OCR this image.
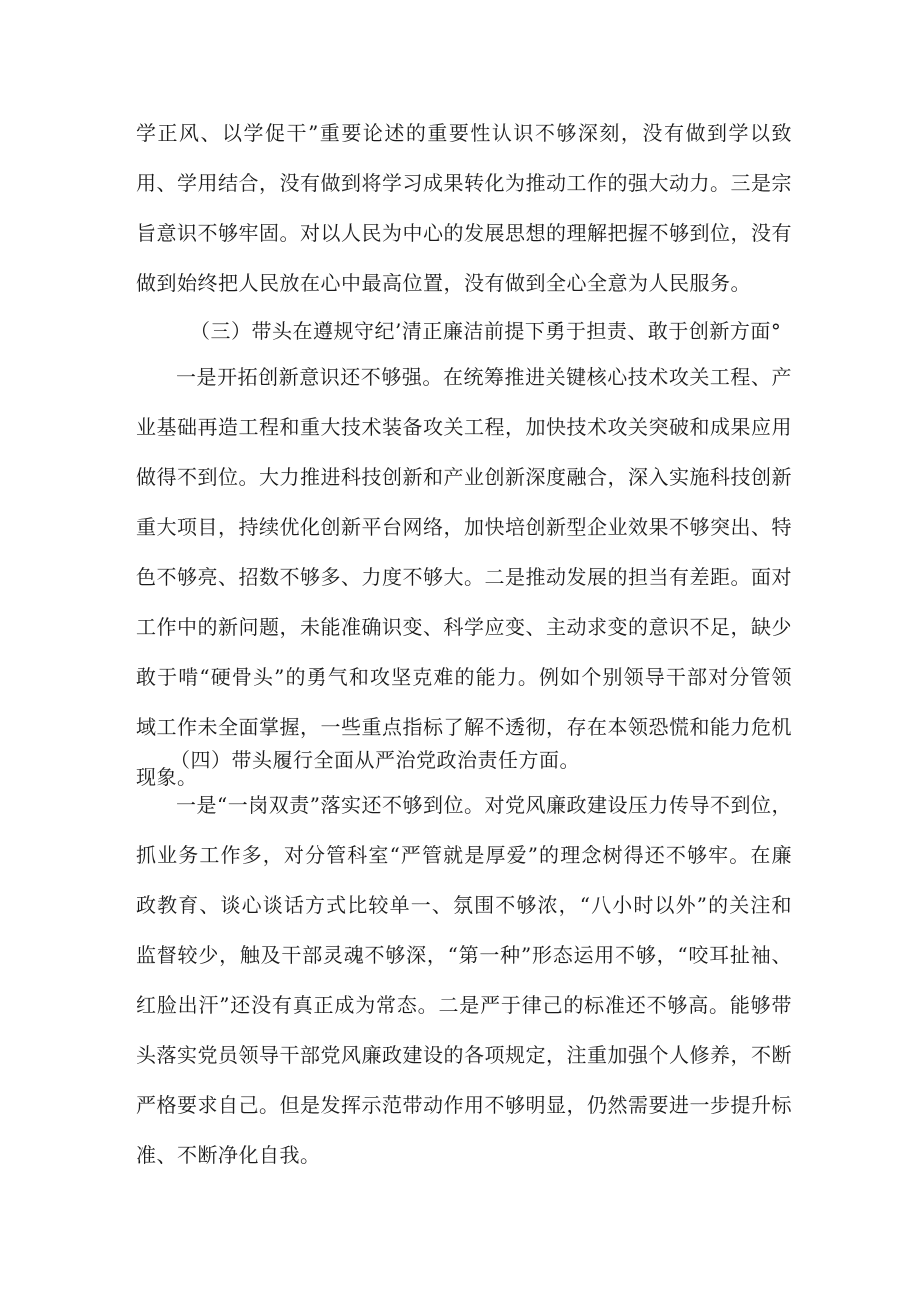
学正风、以学促干”重要论述的重要性认识不够深刻，没有做到学以致用、学用结合，没有做到将学习成果转化为推动工作的强大动力。三是宗旨意识不够牢固。对以人民为中心的发展思想的理解把握不够到位，没有做到始终把人民放在心中最高位置，没有做到全心全意为人民服务。

（三）带头在遵规守纪’清正廉洁前提下勇于担责、敢于创新方面°

一是开拓创新意识还不够强。在统筹推进关键核心技术攻关工程、产业基础再造工程和重大技术装备攻关工程，加快技术攻关突破和成果应用做得不到位。大力推进科技创新和产业创新深度融合，深入实施科技创新重大项目，持续优化创新平台网络，加快培创新型企业效果不够突出、特色不够亮、招数不够多、力度不够大。二是推动发展的担当有差距。面对工作中的新问题，未能准确识变、科学应变、主动求变的意识不足，缺少敢于啃“硬骨头”的勇气和攻坚克难的能力。例如个别领导干部对分管领域工作未全面掌握，一些重点指标了解不透彻，存在本领恐慌和能力危机现象。

（四）带头履行全面从严治党政治责任方面。

一是“一岗双责”落实还不够到位。对党风廉政建设压力传导不到位，抓业务工作多，对分管科室“严管就是厚爱”的理念树得还不够牢。在廉政教育、谈心谈话方式比较单一、氛围不够浓，“八小时以外”的关注和监督较少，触及干部灵魂不够深，“第一种”形态运用不够，“咬耳扯袖、红脸出汗”还没有真正成为常态。二是严于律己的标准还不够高。能够带头落实党员领导干部党风廉政建设的各项规定，注重加强个人修养，不断严格要求自己。但是发挥示范带动作用不够明显，仍然需要进一步提升标准、不断净化自我。
